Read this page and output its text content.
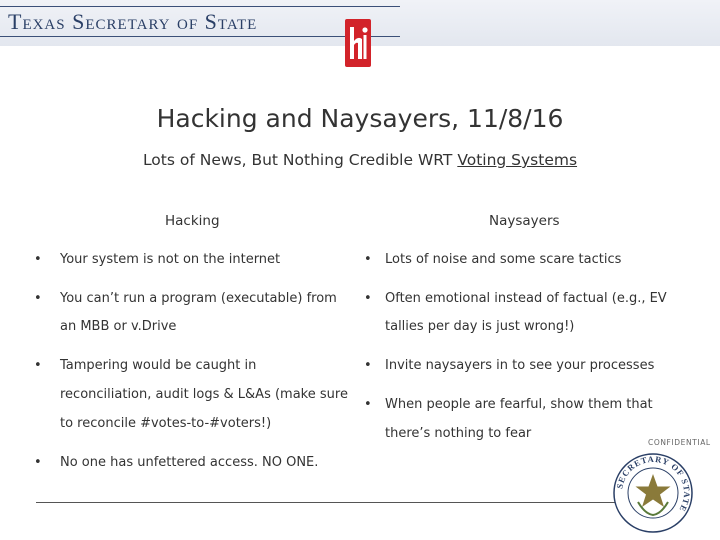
Texas Secretary of State
Hacking and Naysayers, 11/8/16
Lots of News, But Nothing Credible WRT Voting Systems
Hacking	Naysayers
• Your system is not on the internet
• You can’t run a program (executable) from
an MBB or v.Drive
• Tampering would be caught in
reconciliation, audit logs & L&As (make sure
to reconcile #votes-to-#voters!)
• No one has unfettered access. NO ONE.
• Lots of noise and some scare tactics
• Often emotional instead of factual (e.g., EV
tallies per day is just wrong!)
• Invite naysayers in to see your processes
• When people are fearful, show them that
there’s nothing to fear
CONFIDENTIAL
SECRETARY OF STATE
